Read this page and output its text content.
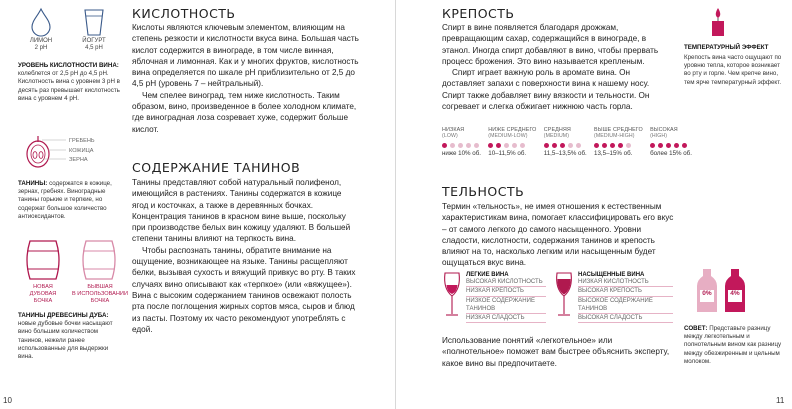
ЛИМОН
2 pH
ЙОГУРТ
4,5 pH
УРОВЕНЬ КИСЛОТНОСТИ ВИНА: колеблется от 2,5 pH до 4,5 pH. Кислотность вина с уровнем 3 pH в десять раз превышает кислотность вина с уровнем 4 pH.
ГРЕБЕНЬ
КОЖИЦА
ЗЕРНА
ТАНИНЫ: содержатся в кожице, зернах, гребнях. Виноградные танины горькие и терпкие, но содержат большое количество антиоксидантов.
НОВАЯ
ДУБОВАЯ
БОЧКА
БЫВШАЯ
В ИСПОЛЬЗОВАНИИ
БОЧКА
ТАНИНЫ ДРЕВЕСИНЫ ДУБА: новые дубовые бочки насыщают вино большим количеством танинов, нежели ранее использованные для выдержки вина.
КИСЛОТНОСТЬ

Кислоты являются ключевым элементом, влияющим на степень резкости и кислотности вкуса вина. Большая часть кислот содержится в винограде, в том числе винная, яблочная и лимонная. Как и у многих фруктов, кислотность вина определяется по шкале pH приблизительно от 2,5 до 4,5 pH (уровень 7 – нейтральный).

Чем спелее виноград, тем ниже кислотность. Таким образом, вино, произведенное в более холодном климате, где виноградная лоза созревает хуже, содержит больше кислот.

СОДЕРЖАНИЕ ТАНИНОВ

Танины представляют собой натуральный полифенол, имеющийся в растениях. Танины содержатся в кожице ягод и косточках, а также в деревянных бочках. Концентрация танинов в красном вине выше, поскольку при производстве белых вин кожицу удаляют. В большей степени танины влияют на терпкость вина.

Чтобы распознать танины, обратите внимание на ощущение, возникающее на языке. Танины расщепляют белки, вызывая сухость и вяжущий привкус во рту. В таких случаях вино описывают как «терпкое» (или «вяжущее»). Вина с высоким содержанием танинов освежают полость рта после поглощения жирных сортов мяса, сыров и блюд из пасты. Поэтому их часто рекомендуют употреблять с едой.

10
КРЕПОСТЬ

Спирт в вине появляется благодаря дрожжам, превращающим сахар, содержащийся в винограде, в этанол. Иногда спирт добавляют в вино, чтобы прервать процесс брожения. Это вино называется крепленым.

Спирт играет важную роль в аромате вина. Он доставляет запахи с поверхности вина к нашему носу. Спирт также добавляет вину вязкости и тельности. Он согревает и слегка обжигает нижнюю часть горла.

НИЗКАЯ
(LOW)
ниже 10% об.
НИЖЕ СРЕДНЕГО
(MEDIUM-LOW)
10–11,5% об.
СРЕДНЯЯ
(MEDIUM)
11,5–13,5% об.
ВЫШЕ СРЕДНЕГО
(MEDIUM-HIGH)
13,5–15% об.
ВЫСОКАЯ
(HIGH)
более 15% об.
ТЕМПЕРАТУРНЫЙ ЭФФЕКТ
Крепость вина часто ощущают по уровню тепла, которое возникает во рту и горле. Чем крепче вино, тем ярче температурный эффект.
ТЕЛЬНОСТЬ
Термин «тельность», не имея отношения к естественным характеристикам вина, помогает классифицировать его вкус – от самого легкого до самого насыщенного. Уровни сладости, кислотности, содержания танинов и крепость влияют на то, насколько легким или насыщенным будет ощущаться вкус вина.
ЛЕГКИЕ ВИНА
ВЫСОКАЯ КИСЛОТНОСТЬ
НИЗКАЯ КРЕПОСТЬ
НИЗКОЕ СОДЕРЖАНИЕ ТАНИНОВ
НИЗКАЯ СЛАДОСТЬ
НАСЫЩЕННЫЕ ВИНА
НИЗКАЯ КИСЛОТНОСТЬ
ВЫСОКАЯ КРЕПОСТЬ
ВЫСОКОЕ СОДЕРЖАНИЕ ТАНИНОВ
ВЫСОКАЯ СЛАДОСТЬ
0%	4%
Использование понятий «легкотельное» или «полнотельное» поможет вам быстрее объяснить эксперту, какое вино вы предпочитаете.
СОВЕТ: Представьте разницу между легкотельным и полнотельным вином как разницу между обезжиренным и цельным молоком.
11
